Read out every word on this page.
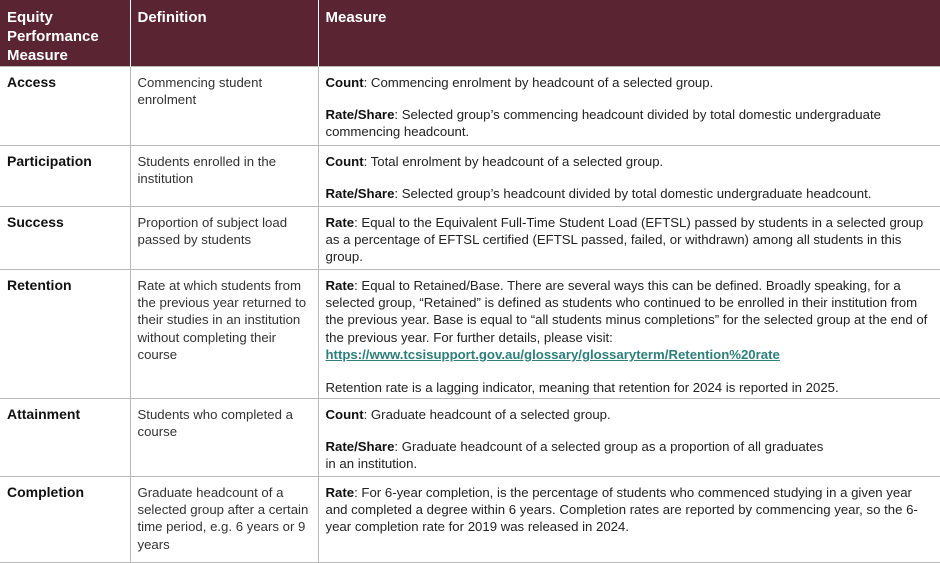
Equity Performance Measure	Definition	Measure
Access	Commencing student enrolment	Count: Commencing enrolment by headcount of a selected group.

Rate/Share: Selected group’s commencing headcount divided by total domestic undergraduate commencing headcount.

Participation	Students enrolled in the institution	Count: Total enrolment by headcount of a selected group.

Rate/Share: Selected group’s headcount divided by total domestic undergraduate headcount.

Success	Proportion of subject load passed by students	Rate: Equal to the Equivalent Full-Time Student Load (EFTSL) passed by students in a selected group as a percentage of EFTSL certified (EFTSL passed, failed, or withdrawn) among all students in this group.

Retention	Rate at which students from the previous year returned to their studies in an institution without completing their course	Rate: Equal to Retained/Base. There are several ways this can be defined. Broadly speaking, for a selected group, “Retained” is defined as students who continued to be enrolled in their institution from the previous year. Base is equal to “all students minus completions” for the selected group at the end of the previous year. For further details, please visit: https://www.tcsisupport.gov.au/glossary/glossaryterm/Retention%20rate

Retention rate is a lagging indicator, meaning that retention for 2024 is reported in 2025.

Attainment	Students who completed a course	Count: Graduate headcount of a selected group.

Rate/Share: Graduate headcount of a selected group as a proportion of all graduates
in an institution.

Completion	Graduate headcount of a selected group after a certain time period, e.g. 6 years or 9 years	Rate: For 6-year completion, is the percentage of students who commenced studying in a given year and completed a degree within 6 years. Completion rates are reported by commencing year, so the 6-year completion rate for 2019 was released in 2024.
